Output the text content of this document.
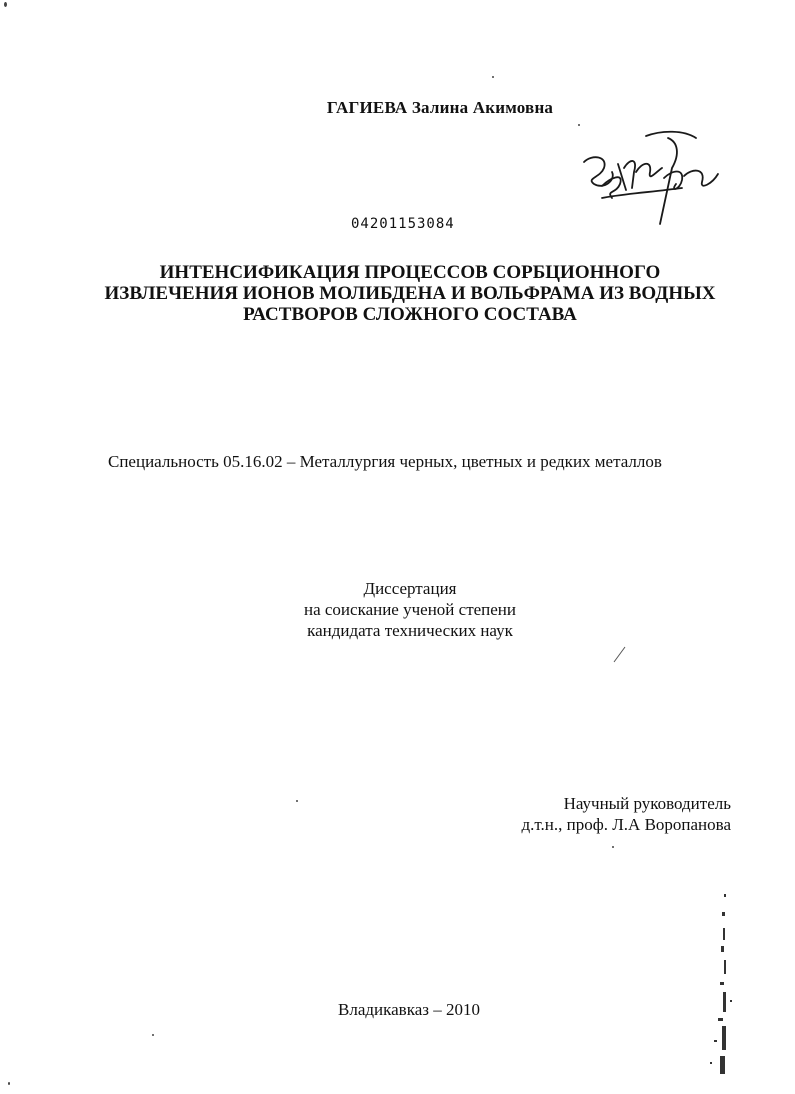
ГАГИЕВА Залина Акимовна
04201153084
ИНТЕНСИФИКАЦИЯ ПРОЦЕССОВ СОРБЦИОННОГО
ИЗВЛЕЧЕНИЯ ИОНОВ МОЛИБДЕНА И ВОЛЬФРАМА ИЗ ВОДНЫХ
РАСТВОРОВ СЛОЖНОГО СОСТАВА
Специальность 05.16.02 – Металлургия черных, цветных и редких металлов
Диссертация
на соискание ученой степени
кандидата технических наук
Научный руководитель
д.т.н., проф. Л.А Воропанова
Владикавказ – 2010
